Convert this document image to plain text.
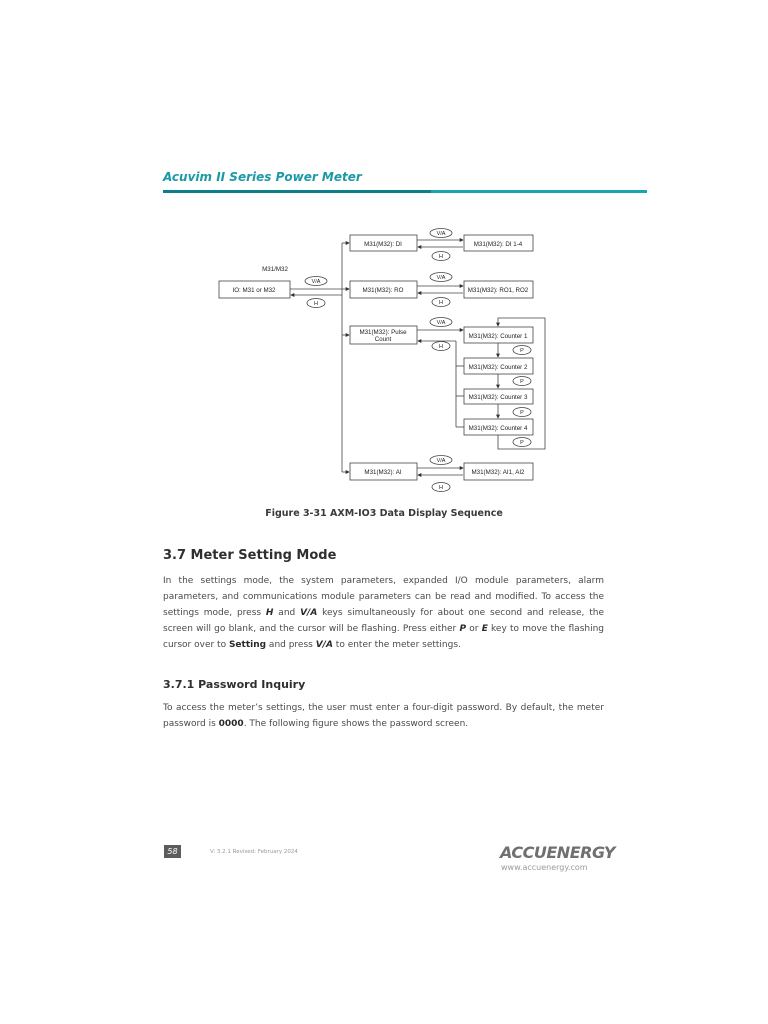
Acuvim II Series Power Meter
M31/M32
IO: M31 or M32
M31(M32): DI
M31(M32): RO
M31(M32): Pulse
Count
M31(M32): AI
M31(M32): DI 1-4
M31(M32): RO1, RO2
M31(M32): Counter 1
M31(M32): Counter 2
M31(M32): Counter 3
M31(M32): Counter 4
M31(M32): AI1, AI2
V/A
H
V/A
H
V/A
H
V/A
H
V/A
H
P
P
P
P
Figure 3-31 AXM-IO3 Data Display Sequence
3.7 Meter Setting Mode
In the settings mode, the system parameters, expanded I/O module parameters, alarm parameters, and communications module parameters can be read and modified. To access the settings mode, press H and V/A keys simultaneously for about one second and release, the screen will go blank, and the cursor will be flashing. Press either P or E key to move the flashing cursor over to Setting and press V/A to enter the meter settings.
3.7.1 Password Inquiry
To access the meter’s settings, the user must enter a four-digit password. By default, the meter password is 0000. The following figure shows the password screen.
58	V: 3.2.1 Revised: February 2024	ACCUENERGY
www.accuenergy.com
